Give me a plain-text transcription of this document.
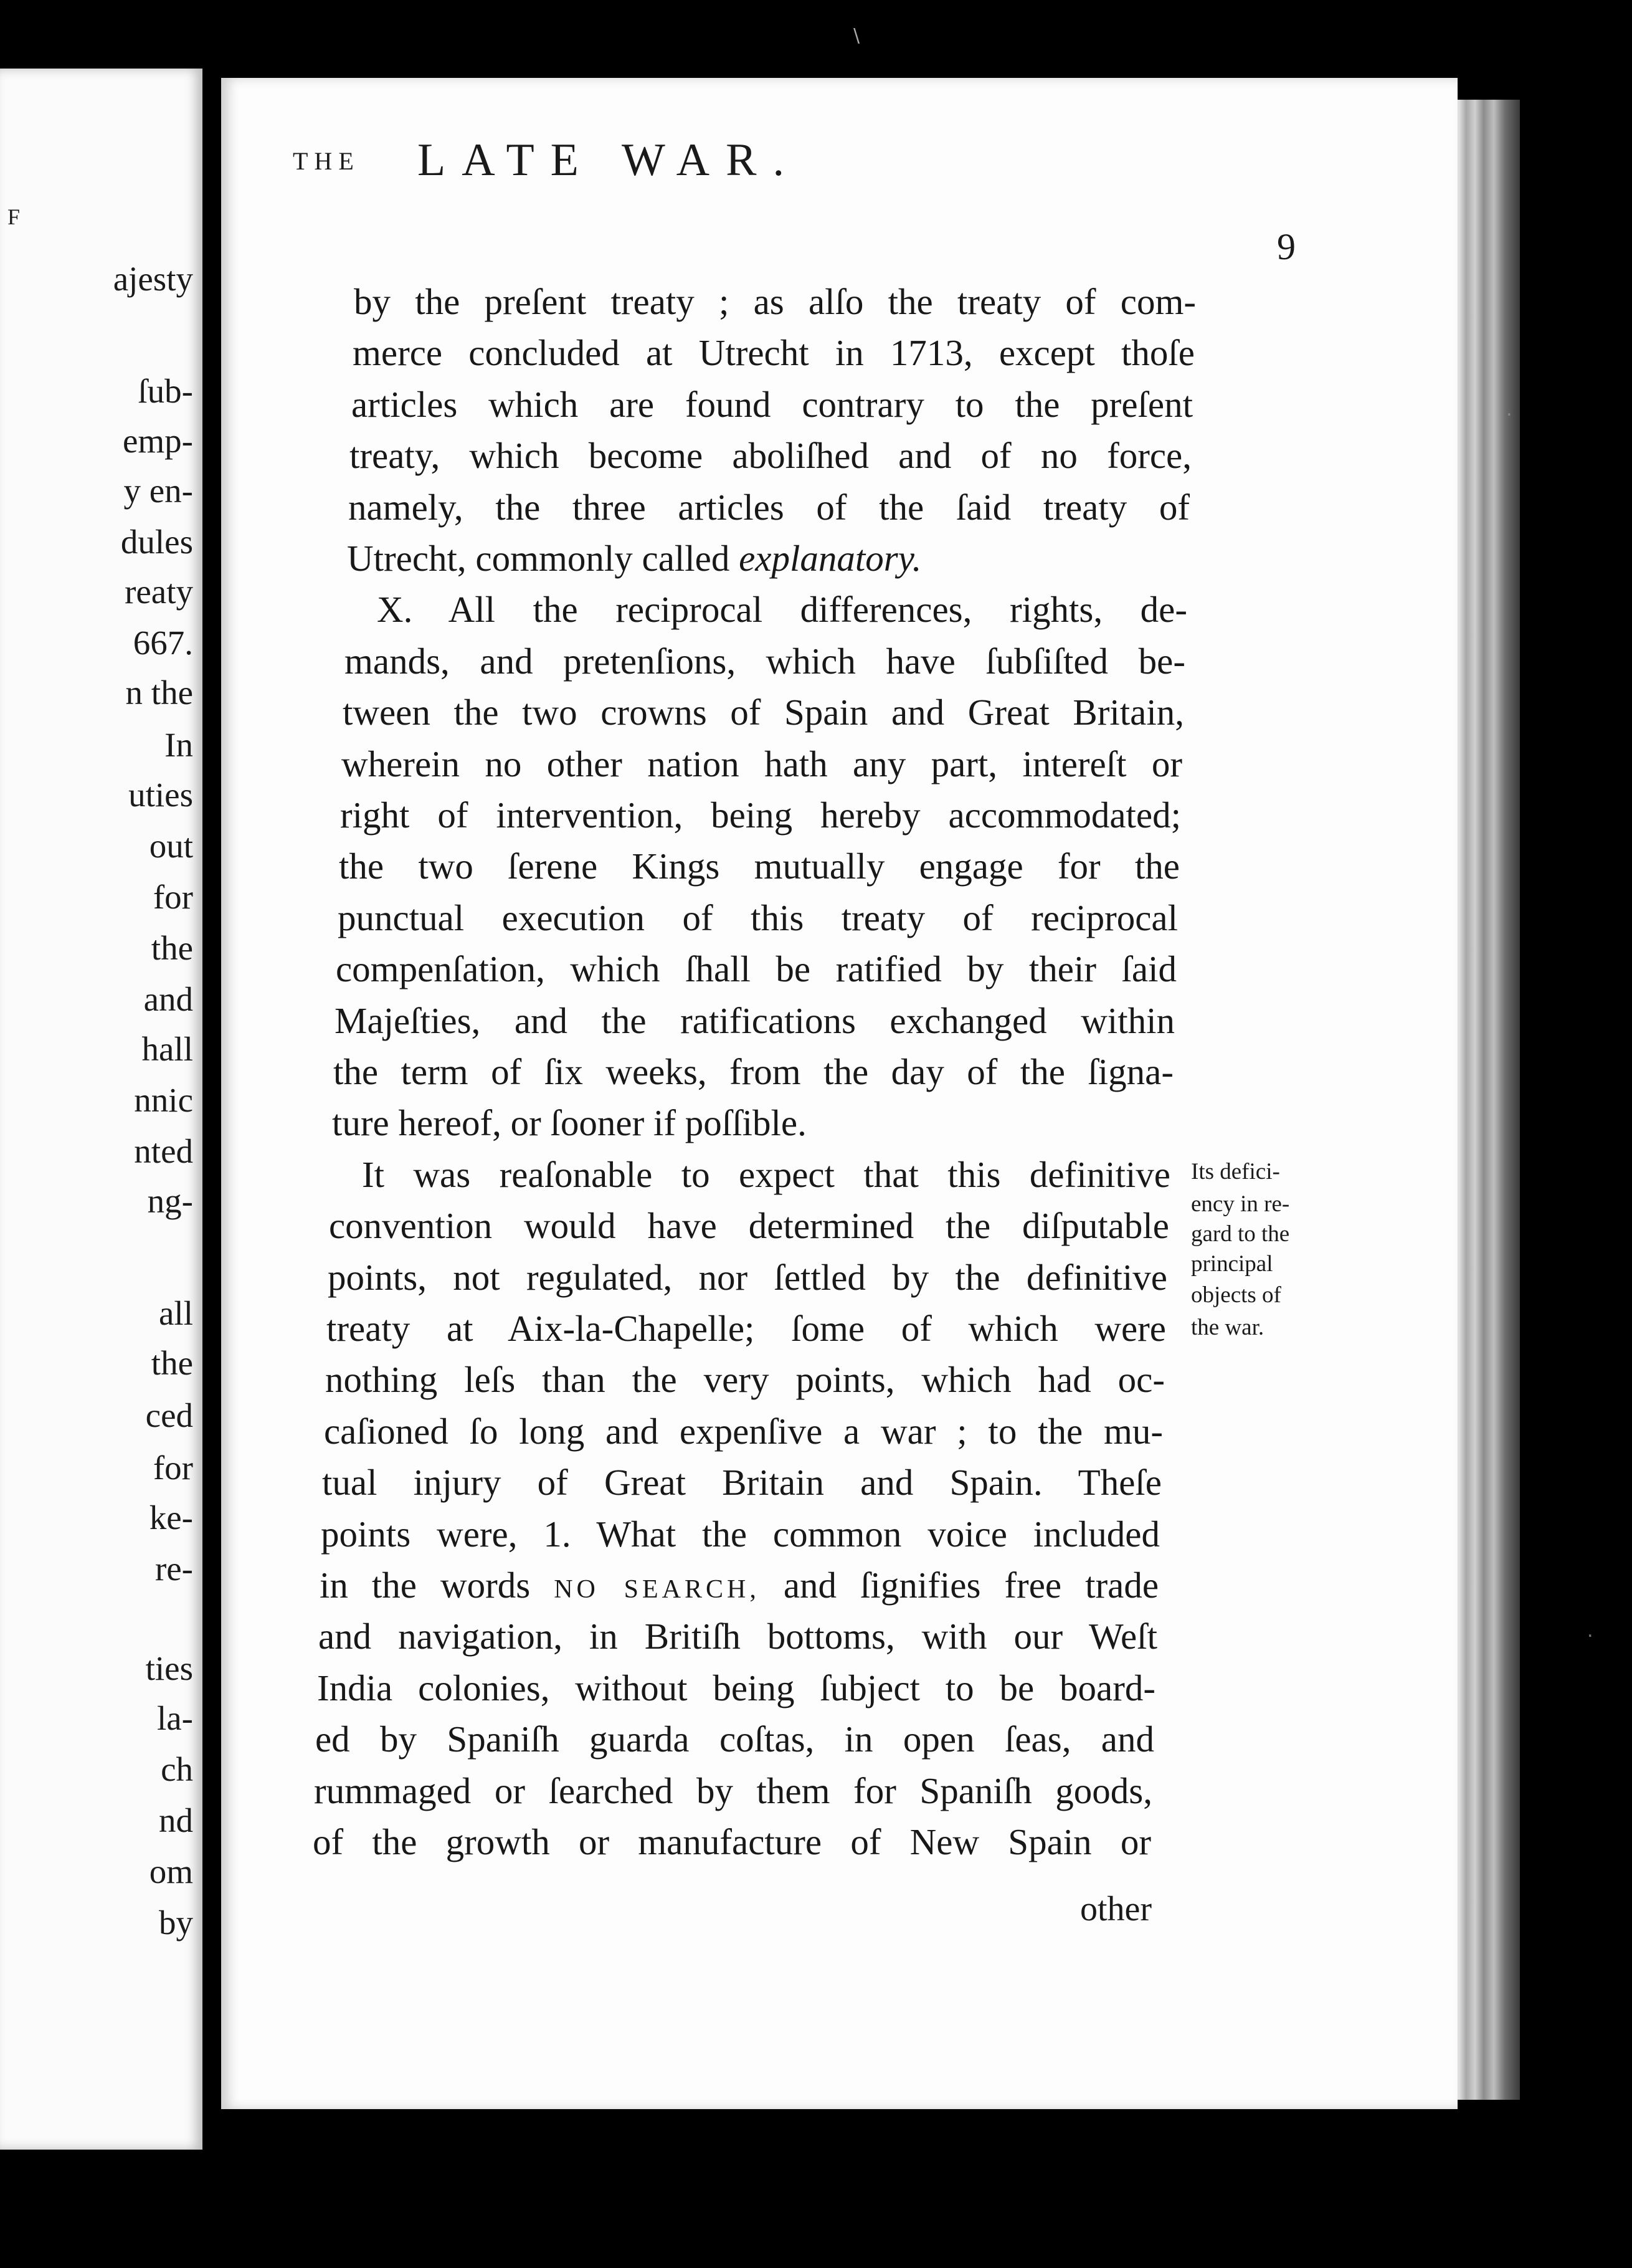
F
ajesty
ſub-
emp-
y en-
dules
reaty
667.
n the
In
uties
out
for
the
and
hall
nnic
nted
ng-
all
the
ced
for
ke-
re-
ties
la-
ch
nd
om
by
THE LATE WAR.
9
by the preſent treaty ; as alſo the treaty of com-
merce concluded at Utrecht in 1713, except thoſe
articles which are found contrary to the preſent
treaty, which become aboliſhed and of no force,
namely, the three articles of the ſaid treaty of
Utrecht, commonly called explanatory.
X. All the reciprocal differences, rights, de-
mands, and pretenſions, which have ſubſiſted be-
tween the two crowns of Spain and Great Britain,
wherein no other nation hath any part, intereſt or
right of intervention, being hereby accommodated;
the two ſerene Kings mutually engage for the
punctual execution of this treaty of reciprocal
compenſation, which ſhall be ratified by their ſaid
Majeſties, and the ratifications exchanged within
the term of ſix weeks, from the day of the ſigna-
ture hereof, or ſooner if poſſible.
It was reaſonable to expect that this definitive
convention would have determined the diſputable
points, not regulated, nor ſettled by the definitive
treaty at Aix-la-Chapelle; ſome of which were
nothing leſs than the very points, which had oc-
caſioned ſo long and expenſive a war ; to the mu-
tual injury of Great Britain and Spain. Theſe
points were, 1. What the common voice included
in the words NO SEARCH, and ſignifies free trade
and navigation, in Britiſh bottoms, with our Weſt
India colonies, without being ſubject to be board-
ed by Spaniſh guarda coſtas, in open ſeas, and
rummaged or ſearched by them for Spaniſh goods,
of the growth or manufacture of New Spain or
other
Its defici-
ency in re-
gard to the
principal
objects of
the war.
\
.
.
